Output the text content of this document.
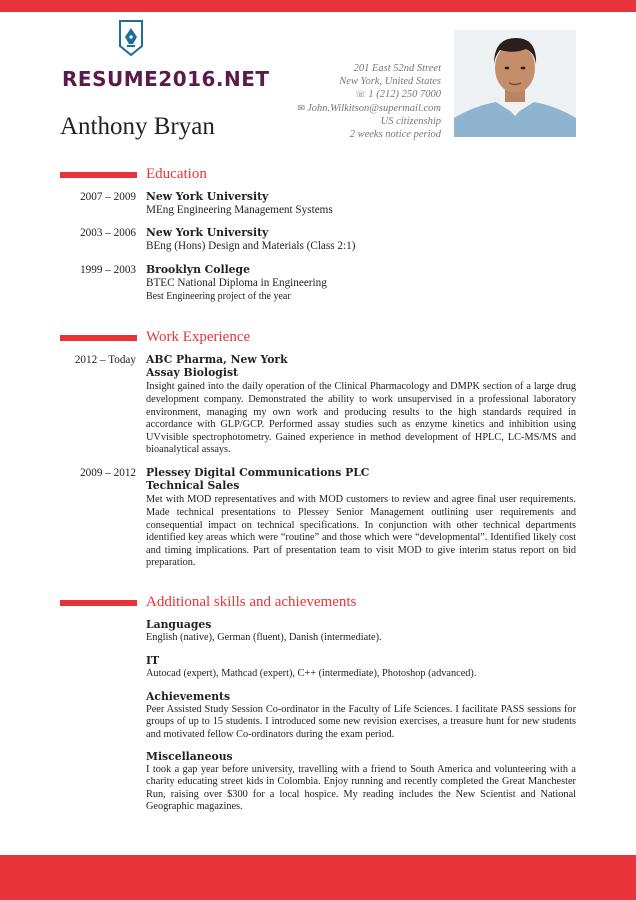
RESUME2016.NET
Anthony Bryan
201 East 52nd Street
New York, United States
☏ 1 (212) 250 7000
✉ John.Wilkitson@supermail.com
US citizenship
2 weeks notice period
Education
2007 – 2009 New York University
MEng Engineering Management Systems
2003 – 2006 New York University
BEng (Hons) Design and Materials (Class 2:1)
1999 – 2003 Brooklyn College
BTEC National Diploma in Engineering
Best Engineering project of the year
Work Experience
2012 – Today ABC Pharma, New York
Assay Biologist
Insight gained into the daily operation of the Clinical Pharmacology and DMPK section of a large drug development company. Demonstrated the ability to work unsupervised in a professional laboratory environment, managing my own work and producing results to the high standards required in accordance with GLP/GCP. Performed assay studies such as enzyme kinetics and inhibition using UVvisible spectrophotometry. Gained experience in method development of HPLC, LC-MS/MS and bioanalytical assays.
2009 – 2012 Plessey Digital Communications PLC
Technical Sales
Met with MOD representatives and with MOD customers to review and agree final user requirements. Made technical presentations to Plessey Senior Management outlining user requirements and consequential impact on technical specifications. In conjunction with other technical departments identified key areas which were “routine” and those which were “developmental”. Identified likely cost and timing implications. Part of presentation team to visit MOD to give interim status report on bid preparation.
Additional skills and achievements
Languages
English (native), German (fluent), Danish (intermediate).
IT
Autocad (expert), Mathcad (expert), C++ (intermediate), Photoshop (advanced).
Achievements
Peer Assisted Study Session Co-ordinator in the Faculty of Life Sciences. I facilitate PASS sessions for groups of up to 15 students. I introduced some new revision exercises, a treasure hunt for new students and motivated fellow Co-ordinators during the exam period.
Miscellaneous
I took a gap year before university, travelling with a friend to South America and volunteering with a charity educating street kids in Colombia. Enjoy running and recently completed the Great Manchester Run, raising over $300 for a local hospice. My reading includes the New Scientist and National Geographic magazines.
